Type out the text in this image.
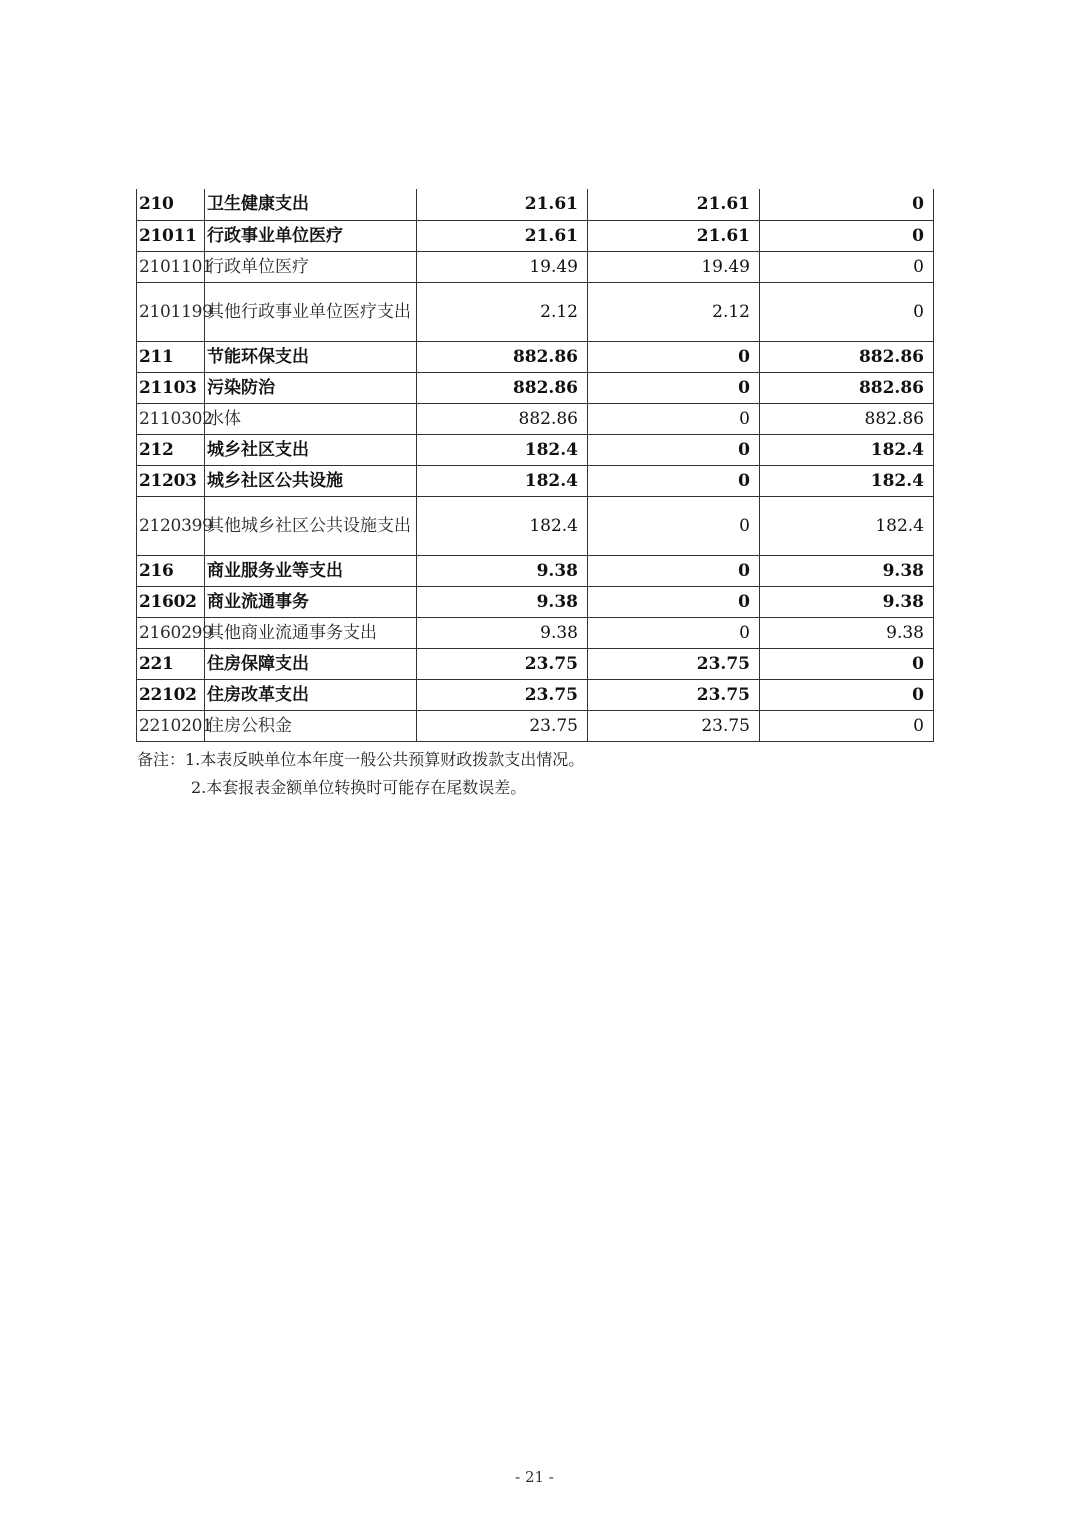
210	卫生健康支出	21.61	21.61	0
21011	行政事业单位医疗	21.61	21.61	0
2101101	行政单位医疗	19.49	19.49	0
2101199	其他行政事业单位医疗支出	2.12	2.12	0
211	节能环保支出	882.86	0	882.86
21103	污染防治	882.86	0	882.86
2110302	水体	882.86	0	882.86
212	城乡社区支出	182.4	0	182.4
21203	城乡社区公共设施	182.4	0	182.4
2120399	其他城乡社区公共设施支出	182.4	0	182.4
216	商业服务业等支出	9.38	0	9.38
21602	商业流通事务	9.38	0	9.38
2160299	其他商业流通事务支出	9.38	0	9.38
221	住房保障支出	23.75	23.75	0
22102	住房改革支出	23.75	23.75	0
2210201	住房公积金	23.75	23.75	0
备注：1.本表反映单位本年度一般公共预算财政拨款支出情况。
2.本套报表金额单位转换时可能存在尾数误差。
- 21 -
